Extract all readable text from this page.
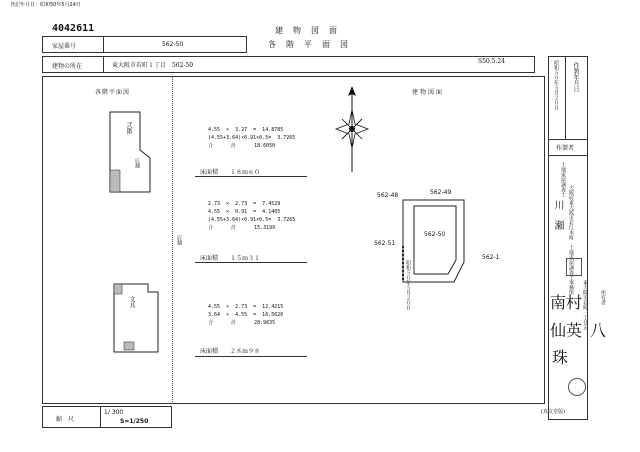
登記年月日：昭和50年5月24日
4042611	建　物　図　面
各　階　平　面　図
家屋番号	562-50
建物の所在	東大阪市若町１丁目　562-50
S50.5.24
作製年月日
昭和５０年５月２０日
作製者
土地家屋調査士
大阪府東大阪市若江本町　土地家屋調査士事務所
川　瀬
東大阪市若町一丁目五 所有者
南村
仙英 八
珠
(真文堂版)
縮　尺
1/ 300
S=1/250
各階平面図
弐階
店舗
店舗
文具
4.55  ×  3.27  =  14.8785
(4.55+3.64)×0.91×0.5=  3.7265
合      計      18.6050
床面積　　１８ｍ６０
2.73  ×  2.73  =  7.4529
4.55  ×  0.91  =  4.1405
(4.55+3.64)×0.91×0.5=  3.7265
合      計      15.3199
床面積　　１５ｍ３１
4.55  ×  2.73  =  12.4215
3.64  ×  4.55  =  16.5620
合      計      28.9835
床面積　　２８ｍ９８
建物図面
562-48	562-49
562-50
562-51
562-1
昭和５０年５月２０日
